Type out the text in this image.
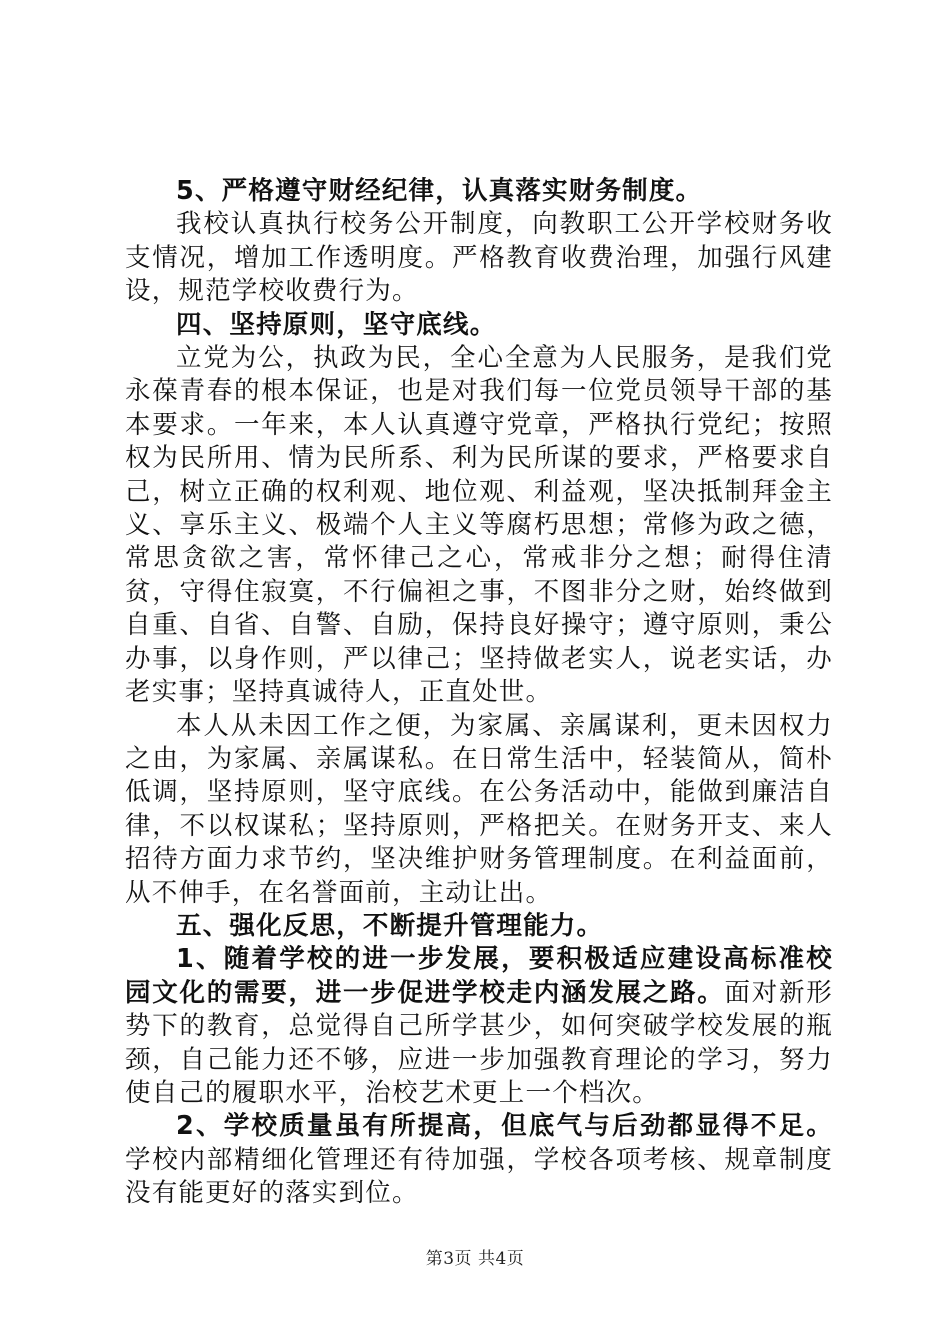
5、严格遵守财经纪律，认真落实财务制度。

我校认真执行校务公开制度，向教职工公开学校财务收支情况，增加工作透明度。严格教育收费治理，加强行风建设，规范学校收费行为。

四、坚持原则，坚守底线。

立党为公，执政为民，全心全意为人民服务，是我们党永葆青春的根本保证，也是对我们每一位党员领导干部的基本要求。一年来，本人认真遵守党章，严格执行党纪；按照权为民所用、情为民所系、利为民所谋的要求，严格要求自己，树立正确的权利观、地位观、利益观，坚决抵制拜金主义、享乐主义、极端个人主义等腐朽思想；常修为政之德，常思贪欲之害，常怀律己之心，常戒非分之想；耐得住清贫，守得住寂寞，不行偏袒之事，不图非分之财，始终做到自重、自省、自警、自励，保持良好操守；遵守原则，秉公办事，以身作则，严以律己；坚持做老实人，说老实话，办老实事；坚持真诚待人，正直处世。

本人从未因工作之便，为家属、亲属谋利，更未因权力之由，为家属、亲属谋私。在日常生活中，轻装简从，简朴低调，坚持原则，坚守底线。在公务活动中，能做到廉洁自律，不以权谋私；坚持原则，严格把关。在财务开支、来人招待方面力求节约，坚决维护财务管理制度。在利益面前，从不伸手，在名誉面前，主动让出。

五、强化反思，不断提升管理能力。

1、随着学校的进一步发展，要积极适应建设高标准校园文化的需要，进一步促进学校走内涵发展之路。面对新形势下的教育，总觉得自己所学甚少，如何突破学校发展的瓶颈，自己能力还不够，应进一步加强教育理论的学习，努力使自己的履职水平，治校艺术更上一个档次。

2、学校质量虽有所提高，但底气与后劲都显得不足。学校内部精细化管理还有待加强，学校各项考核、规章制度没有能更好的落实到位。

第3页 共4页
